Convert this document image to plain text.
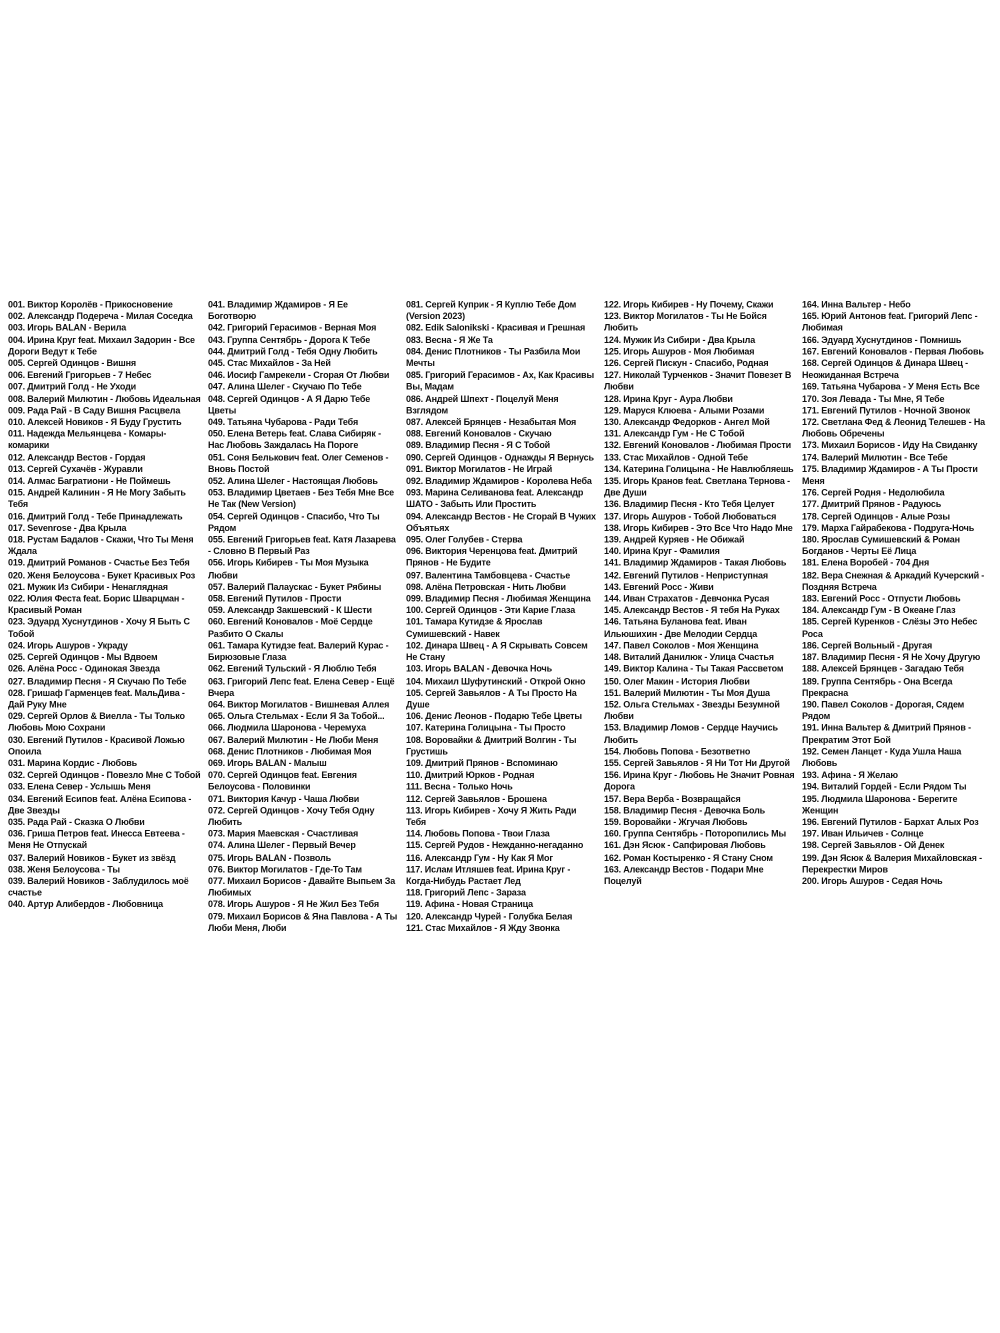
001. Виктор Королёв - Прикосновение
002. Александр Подереча - Милая Соседка
003. Игорь BALAN - Верила
004. Ирина Круг feat. Михаил Задорин - Все Дороги Ведут к Тебе
005. Сергей Одинцов - Вишня
006. Евгений Григорьев - 7 Небес
007. Дмитрий Голд - Не Уходи
008. Валерий Милютин - Любовь Идеальная
009. Рада Рай - В Саду Вишня Расцвела
010. Алексей Новиков - Я Буду Грустить
011. Надежда Мельянцева - Комары-комарики
012. Александр Вестов - Гордая
013. Сергей Сухачёв - Журавли
014. Алмас Багратиони - Не Поймешь
015. Андрей Калинин - Я Не Могу Забыть Тебя
016. Дмитрий Голд - Тебе Принадлежать
017. Sevenrose - Два Крыла
018. Рустам Бадалов - Скажи, Что Ты Меня Ждала
019. Дмитрий Романов - Счастье Без Тебя
020. Женя Белоусова - Букет Красивых Роз
021. Мужик Из Сибири - Ненаглядная
022. Юлия Феста feat. Борис Шварцман - Красивый Роман
023. Эдуард Хуснутдинов - Хочу Я Быть С Тобой
024. Игорь Ашуров - Украду
025. Сергей Одинцов - Мы Вдвоем
026. Алёна Росс - Одинокая Звезда
027. Владимир Песня - Я Скучаю По Тебе
028. Гришаф Гарменцев feat. МальДива - Дай Руку Мне
029. Сергей Орлов & Виелла - Ты Только Любовь Мою Сохрани
030. Евгений Путилов - Красивой Ложью Опоила
031. Марина Кордис - Любовь
032. Сергей Одинцов - Повезло Мне С Тобой
033. Елена Север - Услышь Меня
034. Евгений Есипов feat. Алёна Есипова - Две Звезды
035. Рада Рай - Сказка О Любви
036. Гриша Петров feat. Инесса Евтеева - Меня Не Отпускай
037. Валерий Новиков - Букет из звёзд
038. Женя Белоусова - Ты
039. Валерий Новиков - Заблудилось моё счастье
040. Артур Алибердов - Любовница
041. Владимир Ждамиров - Я Ее Боготворю
042. Григорий Герасимов - Верная Моя
043. Группа Сентябрь - Дорога К Тебе
044. Дмитрий Голд - Тебя Одну Любить
045. Стас Михайлов - За Ней
046. Иосиф Гамрекели - Сгорая От Любви
047. Алина Шелег - Скучаю По Тебе
048. Сергей Одинцов - А Я Дарю Тебе Цветы
049. Татьяна Чубарова - Ради Тебя
050. Елена Ветерь feat. Слава Сибиряк - Нас Любовь Заждалась На Пороге
051. Соня Белькович feat. Олег Семенов - Вновь Постой
052. Алина Шелег - Настоящая Любовь
053. Владимир Цветаев - Без Тебя Мне Все Не Так (New Version)
054. Сергей Одинцов - Спасибо, Что Ты Рядом
055. Евгений Григорьев feat. Катя Лазарева - Словно В Первый Раз
056. Игорь Кибирев - Ты Моя Музыка Любви
057. Валерий Палаускас - Букет Рябины
058. Евгений Путилов - Прости
059. Александр Закшевский - К Шести
060. Евгений Коновалов - Моё Сердце Разбито О Скалы
061. Тамара Кутидзе feat. Валерий Курас - Бирюзовые Глаза
062. Евгений Тульский - Я Люблю Тебя
063. Григорий Лепс feat. Елена Север - Ещё Вчера
064. Виктор Могилатов - Вишневая Аллея
065. Ольга Стельмах - Если Я За Тобой...
066. Людмила Шаронова - Черемуха
067. Валерий Милютин - Не Люби Меня
068. Денис Плотников - Любимая Моя
069. Игорь BALAN - Малыш
070. Сергей Одинцов feat. Евгения Белоусова - Половинки
071. Виктория Качур - Чаша Любви
072. Сергей Одинцов - Хочу Тебя Одну Любить
073. Мария Маевская - Счастливая
074. Алина Шелег - Первый Вечер
075. Игорь BALAN - Позволь
076. Виктор Могилатов - Где-То Там
077. Михаил Борисов - Давайте Выпьем За Любимых
078. Игорь Ашуров - Я Не Жил Без Тебя
079. Михаил Борисов & Яна Павлова - А Ты Люби Меня, Люби
081. Сергей Куприк - Я Куплю Тебе Дом (Version 2023)
082. Edik Salonikski - Красивая и Грешная
083. Весна - Я Же Та
084. Денис Плотников - Ты Разбила Мои Мечты
085. Григорий Герасимов - Ах, Как Красивы Вы, Мадам
086. Андрей Шпехт - Поцелуй Меня Взглядом
087. Алексей Брянцев - Незабытая Моя
088. Евгений Коновалов - Скучаю
089. Владимир Песня - Я С Тобой
090. Сергей Одинцов - Однажды Я Вернусь
091. Виктор Могилатов - Не Играй
092. Владимир Ждамиров - Королева Неба
093. Марина Селиванова feat. Александр ШАТО - Забыть Или Простить
094. Александр Вестов - Не Сгорай В Чужих Объятьях
095. Олег Голубев - Стерва
096. Виктория Черенцова feat. Дмитрий Прянов - Не Будите
097. Валентина Тамбовцева - Счастье
098. Алёна Петровская - Нить Любви
099. Владимир Песня - Любимая Женщина
100. Сергей Одинцов - Эти Карие Глаза
101. Тамара Кутидзе & Ярослав Сумишевский - Навек
102. Динара Швец - А Я Скрывать Совсем Не Стану
103. Игорь BALAN - Девочка Ночь
104. Михаил Шуфутинский - Открой Окно
105. Сергей Завьялов - А Ты Просто На Душе
106. Денис Леонов - Подарю Тебе Цветы
107. Катерина Голицына - Ты Просто
108. Воровайки & Дмитрий Волгин - Ты Грустишь
109. Дмитрий Прянов - Вспоминаю
110. Дмитрий Юрков - Родная
111. Весна - Только Ночь
112. Сергей Завьялов - Брошена
113. Игорь Кибирев - Хочу Я Жить Ради Тебя
114. Любовь Попова - Твои Глаза
115. Сергей Рудов - Нежданно-негаданно
116. Александр Гум - Ну Как Я Мог
117. Ислам Итляшев feat. Ирина Круг - Когда-Нибудь Растает Лед
118. Григорий Лепс - Зараза
119. Афина - Новая Страница
120. Александр Чурей - Голубка Белая
121. Стас Михайлов - Я Жду Звонка
122. Игорь Кибирев - Ну Почему, Скажи
123. Виктор Могилатов - Ты Не Бойся Любить
124. Мужик Из Сибири - Два Крыла
125. Игорь Ашуров - Моя Любимая
126. Сергей Пискун - Спасибо, Родная
127. Николай Турченков - Значит Повезет В Любви
128. Ирина Круг - Аура Любви
129. Маруся Клюева - Алыми Розами
130. Александр Федорков - Ангел Мой
131. Александр Гум - Не С Тобой
132. Евгений Коновалов - Любимая Прости
133. Стас Михайлов - Одной Тебе
134. Катерина Голицына - Не Навлюбляешь
135. Игорь Кранов feat. Светлана Тернова - Две Души
136. Владимир Песня - Кто Тебя Целует
137. Игорь Ашуров - Тобой Любоваться
138. Игорь Кибирев - Это Все Что Надо Мне
139. Андрей Куряев - Не Обижай
140. Ирина Круг - Фамилия
141. Владимир Ждамиров - Такая Любовь
142. Евгений Путилов - Неприступная
143. Евгений Росс - Живи
144. Иван Страхатов - Девчонка Русая
145. Александр Вестов - Я тебя На Руках
146. Татьяна Буланова feat. Иван Ильюшихин - Две Мелодии Сердца
147. Павел Соколов - Моя Женщина
148. Виталий Данилюк - Улица Счастья
149. Виктор Калина - Ты Такая Рассветом
150. Олег Макин - История Любви
151. Валерий Милютин - Ты Моя Душа
152. Ольга Стельмах - Звезды Безумной Любви
153. Владимир Ломов - Сердце Научись Любить
154. Любовь Попова - Безответно
155. Сергей Завьялов - Я Ни Тот Ни Другой
156. Ирина Круг - Любовь Не Значит Ровная Дорога
157. Вера Верба - Возвращайся
158. Владимир Песня - Девочка Боль
159. Воровайки - Жгучая Любовь
160. Группа Сентябрь - Поторопились Мы
161. Дэн Ясюк - Сапфировая Любовь
162. Роман Костыренко - Я Стану Сном
163. Александр Вестов - Подари Мне Поцелуй
164. Инна Вальтер - Небо
165. Юрий Антонов feat. Григорий Лепс - Любимая
166. Эдуард Хуснутдинов - Помнишь
167. Евгений Коновалов - Первая Любовь
168. Сергей Одинцов & Динара Швец - Неожиданная Встреча
169. Татьяна Чубарова - У Меня Есть Все
170. Зоя Левада - Ты Мне, Я Тебе
171. Евгений Путилов - Ночной Звонок
172. Светлана Фед & Леонид Телешев - На Любовь Обречены
173. Михаил Борисов - Иду На Свиданку
174. Валерий Милютин - Все Тебе
175. Владимир Ждамиров - А Ты Прости Меня
176. Сергей Родня - Недолюбила
177. Дмитрий Прянов - Радуюсь
178. Сергей Одинцов - Алые Розы
179. Марха Гайрабекова - Подруга-Ночь
180. Ярослав Сумишевский & Роман Богданов - Черты Её Лица
181. Елена Воробей - 704 Дня
182. Вера Снежная & Аркадий Кучерский - Поздняя Встреча
183. Евгений Росс - Отпусти Любовь
184. Александр Гум - В Океане Глаз
185. Сергей Куренков - Слёзы Это Небес Роса
186. Сергей Вольный - Другая
187. Владимир Песня - Я Не Хочу Другую
188. Алексей Брянцев - Загадаю Тебя
189. Группа Сентябрь - Она Всегда Прекрасна
190. Павел Соколов - Дорогая, Сядем Рядом
191. Инна Вальтер & Дмитрий Прянов - Прекратим Этот Бой
192. Семен Ланцет - Куда Ушла Наша Любовь
193. Афина - Я Желаю
194. Виталий Гордей - Если Рядом Ты
195. Людмила Шаронова - Берегите Женщин
196. Евгений Путилов - Бархат Алых Роз
197. Иван Ильичев - Солнце
198. Сергей Завьялов - Ой Денек
199. Дэн Ясюк & Валерия Михайловская - Перекрестки Миров
200. Игорь Ашуров - Седая Ночь
